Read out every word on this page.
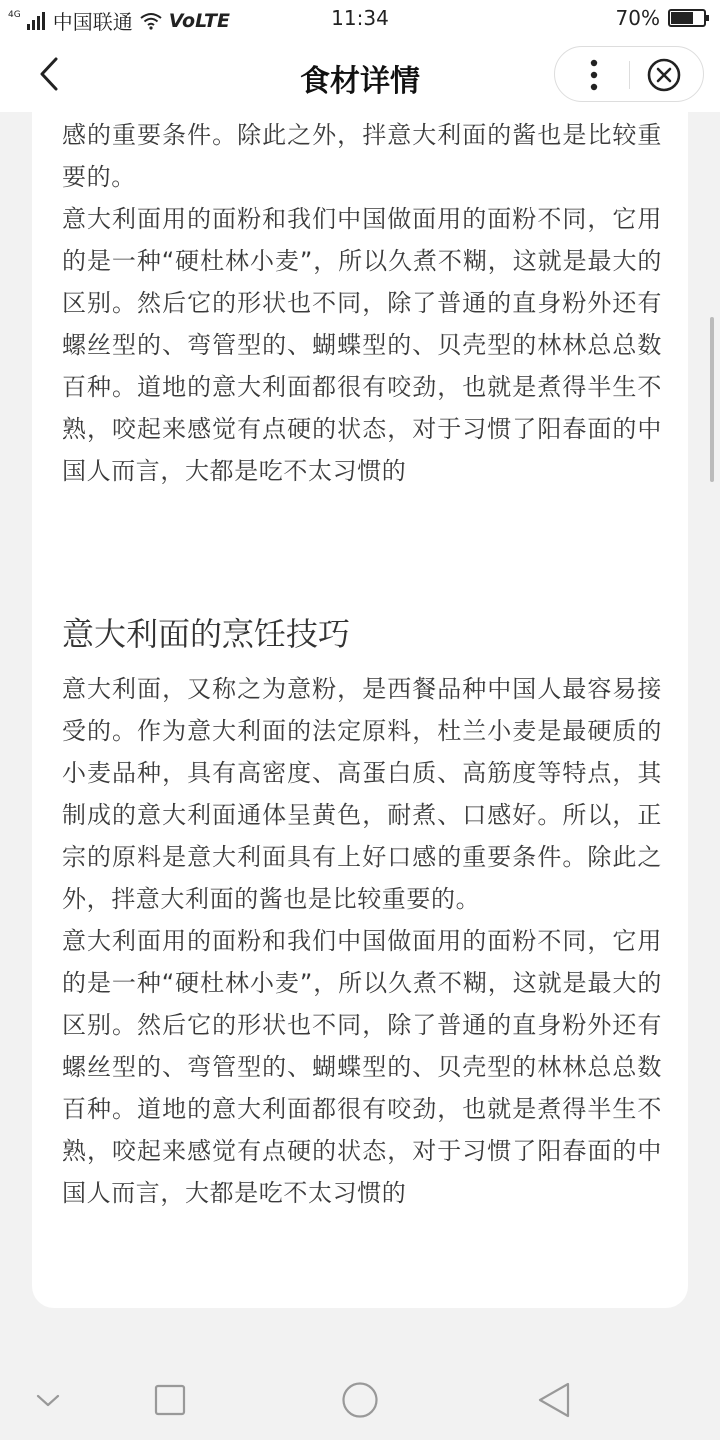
4G 中国联通 VoLTE	11:34	70%
食材详情
感的重要条件。除此之外，拌意大利面的酱也是比较重要的。
意大利面用的面粉和我们中国做面用的面粉不同，它用的是一种“硬杜林小麦”，所以久煮不糊，这就是最大的区别。然后它的形状也不同，除了普通的直身粉外还有螺丝型的、弯管型的、蝴蝶型的、贝壳型的林林总总数百种。道地的意大利面都很有咬劲，也就是煮得半生不熟，咬起来感觉有点硬的状态，对于习惯了阳春面的中国人而言，大都是吃不太习惯的
意大利面的烹饪技巧
意大利面，又称之为意粉，是西餐品种中国人最容易接受的。作为意大利面的法定原料，杜兰小麦是最硬质的小麦品种，具有高密度、高蛋白质、高筋度等特点，其制成的意大利面通体呈黄色，耐煮、口感好。所以，正宗的原料是意大利面具有上好口感的重要条件。除此之外，拌意大利面的酱也是比较重要的。
意大利面用的面粉和我们中国做面用的面粉不同，它用的是一种“硬杜林小麦”，所以久煮不糊，这就是最大的区别。然后它的形状也不同，除了普通的直身粉外还有螺丝型的、弯管型的、蝴蝶型的、贝壳型的林林总总数百种。道地的意大利面都很有咬劲，也就是煮得半生不熟，咬起来感觉有点硬的状态，对于习惯了阳春面的中国人而言，大都是吃不太习惯的
